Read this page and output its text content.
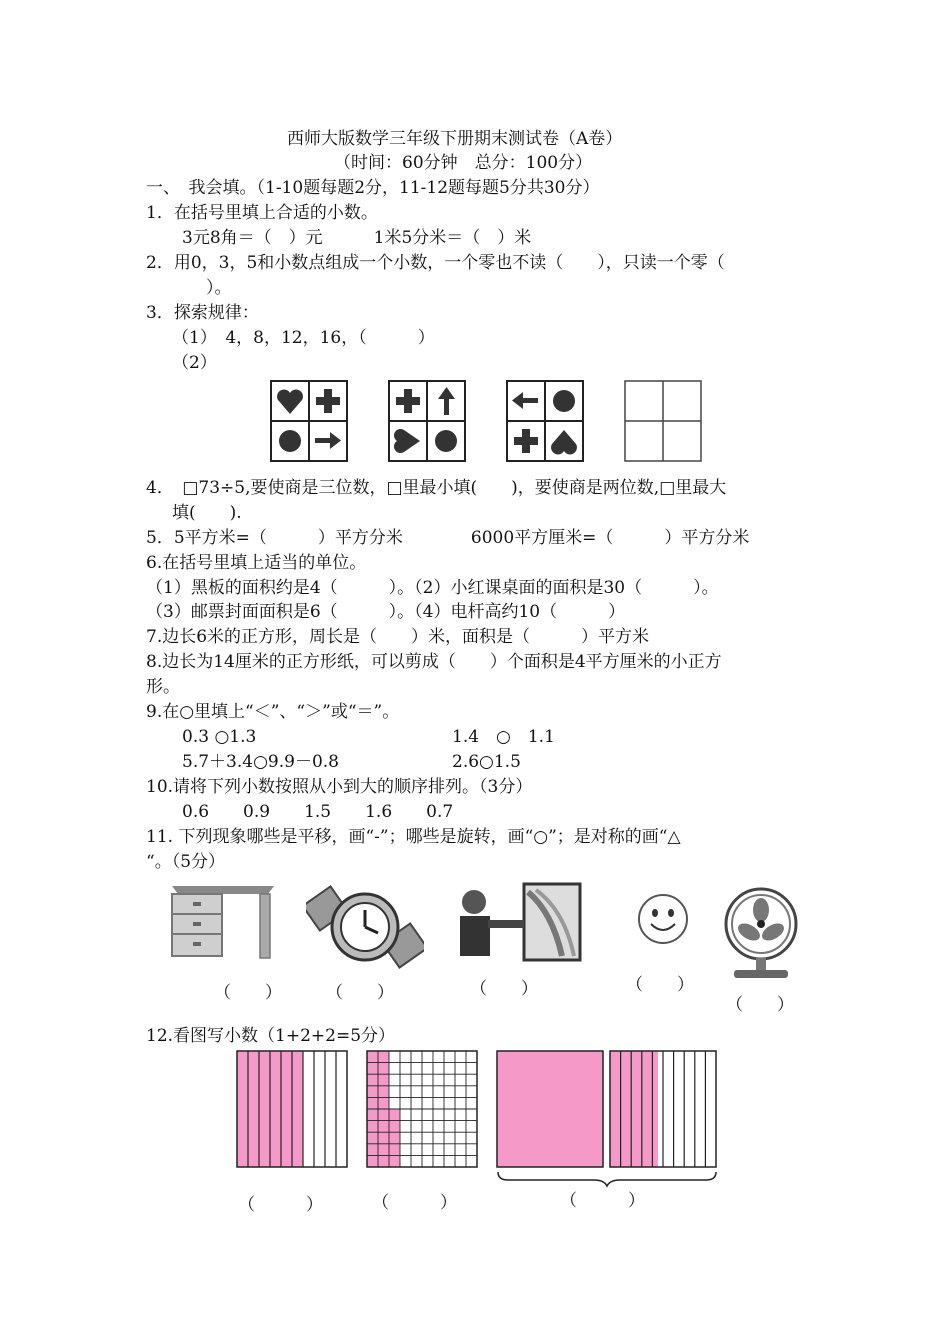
西师大版数学三年级下册期末测试卷（A卷）
（时间：60分钟　总分：100分）
一、　我会填。（1-10题每题2分，11-12题每题5分共30分）
1．在括号里填上合适的小数。
3元8角＝（　）元　　　1米5分米＝（　）米
2．用0，3，5和小数点组成一个小数，一个零也不读（　　），只读一个零（
）。
3．探索规律：
（1）　4，8，12，16，（　　　）
（2）
4．　□73÷5,要使商是三位数，□里最小填(　　)，要使商是两位数,□里最大
填(　　).
5．5平方米=（　　　）平方分米　　　　6000平方厘米=（　　　）平方分米
6.在括号里填上适当的单位。
（1）黑板的面积约是4（　　　）。（2）小红课桌面的面积是30（　　　）。
（3）邮票封面面积是6（　　　）。（4）电杆高约10（　　　）
7.边长6米的正方形，周长是（　　）米，面积是（　　　）平方米
8.边长为14厘米的正方形纸，可以剪成（　　）个面积是4平方厘米的小正方
形。
9.在○里填上“＜”、“＞”或“＝”。
0.3 ○1.3	1.4　○　1.1
5.7＋3.4○9.9－0.8	2.6○1.5
10.请将下列小数按照从小到大的顺序排列。（3分）
0.6　　0.9　　1.5　　1.6　　0.7
11. 下列现象哪些是平移，画“-”；哪些是旋转，画“○”；是对称的画“△
“。（5分）
（　　）	（　　）	（　　）	（　　）
（　　）
12.看图写小数（1+2+2=5分）
（　　　）	（　　　）	（　　　）
